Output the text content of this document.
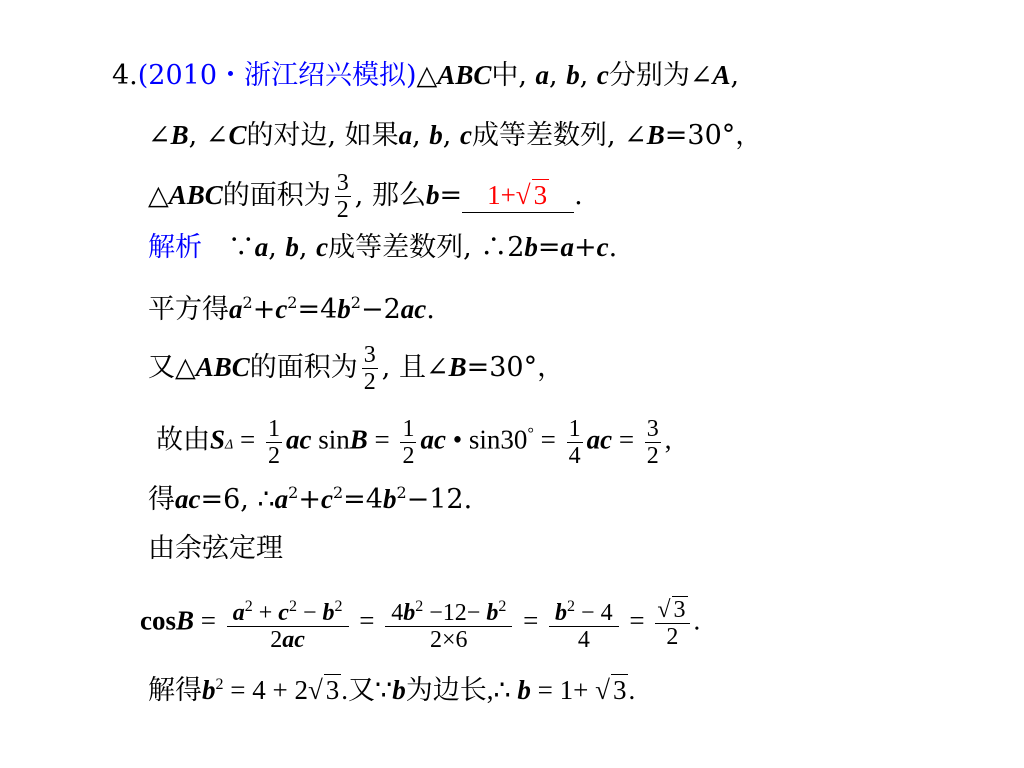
4.(2010・浙江绍兴模拟)△ABC中, a, b, c分别为∠A,
∠B, ∠C的对边, 如果a, b, c成等差数列, ∠B=30°，
△ABC的面积为 $\frac{3}{2}$ , 那么b= 1+√ 3 .
解析   ∵a, b, c成等差数列, ∴2b=a+c.
平方得$a^2+c^2=4b^2-2ac$.
又△ABC的面积为 $\frac{3}{2}$ , 且∠B=30°，
故由$S\Delta = \frac{1}{2}$ ac $\sin B = \frac{1}{2}$ ac • $\sin 30^\circ = \frac{1}{4}$ ac = $\frac{3}{2}$ ,
得ac=6, $\therefore a^2+c^2=4b^2-12$.
由余弦定理
$\cos B = \frac{a^2 + c^2 - b^2}{2ac} = \frac{4b^2 -12- b^2}{2\times 6} = \frac{b^2 - 4}{4} = \frac{√ 3}{2}$ .
解得$b^2 = 4 + 2√$ 3.又∵b为边长,∴ b = 1+ √ 3.
